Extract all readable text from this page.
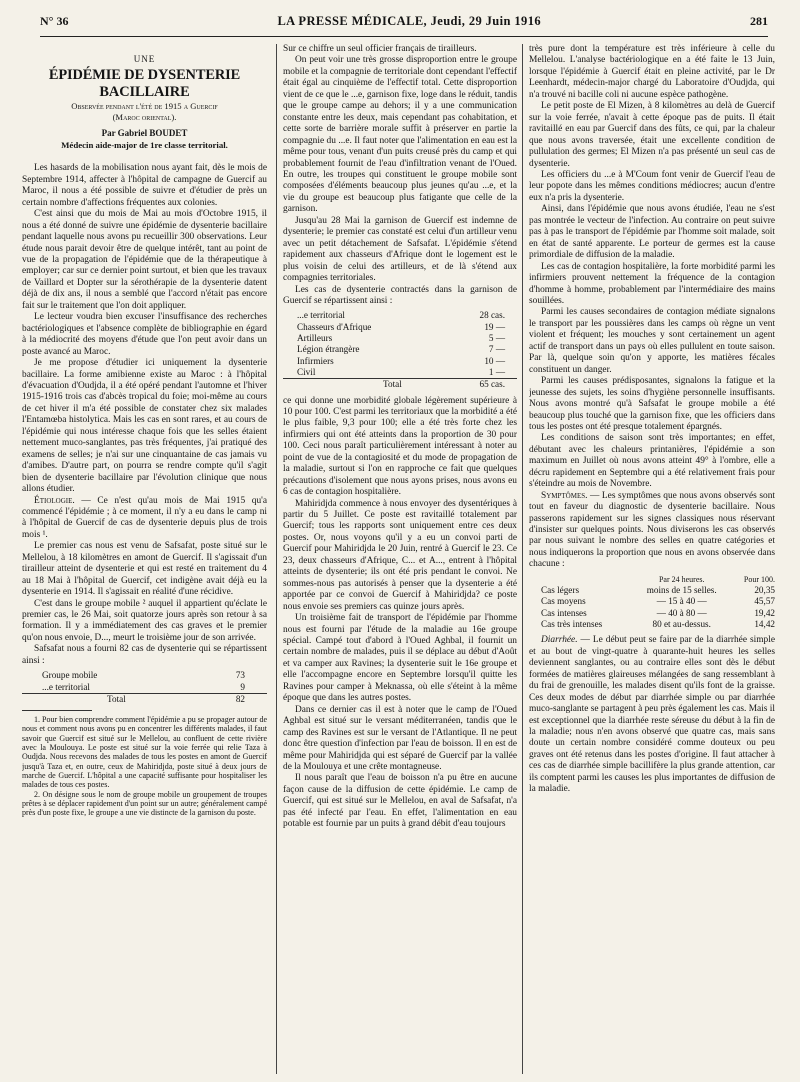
N° 36	LA PRESSE MÉDICALE, Jeudi, 29 Juin 1916	281

UNE

ÉPIDÉMIE DE DYSENTERIE BACILLAIRE

Observée pendant l'été de 1915 a Guercif

(Maroc oriental).

Par Gabriel BOUDET

Médecin aide-major de 1re classe territorial.

Les hasards de la mobilisation nous ayant fait, dès le mois de Septembre 1914, affecter à l'hôpital de campagne de Guercif au Maroc, il nous a été possible de suivre et d'étudier de près un certain nombre d'affections fréquentes aux colonies.

C'est ainsi que du mois de Mai au mois d'Octobre 1915, il nous a été donné de suivre une épidémie de dysenterie bacillaire pendant laquelle nous avons pu recueillir 300 observations. Leur étude nous parait devoir être de quelque intérêt, tant au point de vue de la propagation de l'épidémie que de la thérapeutique à employer; car sur ce dernier point surtout, et bien que les travaux de Vaillard et Dopter sur la sérothérapie de la dysenterie datent déjà de dix ans, il nous a semblé que l'accord n'était pas encore fait sur le traitement que l'on doit appliquer.

Le lecteur voudra bien excuser l'insuffisance des recherches bactériologiques et l'absence complète de bibliographie en égard à la médiocrité des moyens d'étude que l'on peut avoir dans un poste avancé au Maroc.

Je me propose d'étudier ici uniquement la dysenterie bacillaire. La forme amibienne existe au Maroc : à l'hôpital d'évacuation d'Oudjda, il a été opéré pendant l'automne et l'hiver 1915-1916 trois cas d'abcès tropical du foie; moi-même au cours de cet hiver il m'a été possible de constater chez six malades l'Entamœba histolytica. Mais les cas en sont rares, et au cours de l'épidémie qui nous intéresse chaque fois que les selles étaient nettement muco-sanglantes, pas très fréquentes, j'ai pratiqué des examens de selles; je n'ai sur une cinquantaine de cas jamais vu d'amibes. D'autre part, on pourra se rendre compte qu'il s'agit bien de dysenterie bacillaire par l'évolution clinique que nous allons étudier.

Étiologie. — Ce n'est qu'au mois de Mai 1915 qu'a commencé l'épidémie ; à ce moment, il n'y a eu dans le camp ni à l'hôpital de Guercif de cas de dysenterie depuis plus de trois mois ¹.

Le premier cas nous est venu de Safsafat, poste situé sur le Mellelou, à 18 kilomètres en amont de Guercif. Il s'agissait d'un tirailleur atteint de dysenterie et qui est resté en traitement du 4 au 18 Mai à l'hôpital de Guercif, cet indigène avait déjà eu la dysenterie en 1914. Il s'agissait en réalité d'une récidive.

C'est dans le groupe mobile ² auquel il appartient qu'éclate le premier cas, le 26 Mai, soit quatorze jours après son retour à sa formation. Il y a immédiatement des cas graves et le premier qu'on nous envoie, D..., meurt le troisième jour de son arrivée.

Safsafat nous a fourni 82 cas de dysenterie qui se répartissent ainsi :

Groupe mobile	73
...e territorial	9
Total	82

1. Pour bien comprendre comment l'épidémie a pu se propager autour de nous et comment nous avons pu en concentrer les différents malades, il faut savoir que Guercif est situé sur le Mellelou, au confluent de cette rivière avec la Moulouya. Le poste est situé sur la voie ferrée qui relie Taza à Oudjda. Nous recevons des malades de tous les postes en amont de Guercif jusqu'à Taza et, en outre, ceux de Mahiridjda, poste situé à deux jours de marche de Guercif. L'hôpital a une capacité suffisante pour hospitaliser les malades de tous ces postes.

2. On désigne sous le nom de groupe mobile un groupement de troupes prêtes à se déplacer rapidement d'un point sur un autre; généralement campé près d'un poste fixe, le groupe a une vie distincte de la garnison du poste.

Sur ce chiffre un seul officier français de tirailleurs.

On peut voir une très grosse disproportion entre le groupe mobile et la compagnie de territoriale dont cependant l'effectif était égal au cinquième de l'effectif total. Cette disproportion vient de ce que le ...e, garnison fixe, loge dans le réduit, tandis que le groupe campe au dehors; il y a une communication constante entre les deux, mais cependant pas cohabitation, et cette sorte de barrière morale suffit à préserver en partie la compagnie du ...e. Il faut noter que l'alimentation en eau est la même pour tous, venant d'un puits creusé près du camp et qui probablement fournit de l'eau d'infiltration venant de l'Oued. En outre, les troupes qui constituent le groupe mobile sont composées d'éléments beaucoup plus jeunes qu'au ...e, et la vie du groupe est beaucoup plus fatigante que celle de la garnison.

Jusqu'au 28 Mai la garnison de Guercif est indemne de dysenterie; le premier cas constaté est celui d'un artilleur venu avec un petit détachement de Safsafat. L'épidémie s'étend rapidement aux chasseurs d'Afrique dont le logement est le plus voisin de celui des artilleurs, et de là s'étend aux compagnies territoriales.

Les cas de dysenterie contractés dans la garnison de Guercif se répartissent ainsi :

...e territorial	28 cas.
Chasseurs d'Afrique	19 —
Artilleurs	5 —
Légion étrangère	7 —
Infirmiers	10 —
Civil	1 —
Total	65 cas.

ce qui donne une morbidité globale légèrement supérieure à 10 pour 100. C'est parmi les territoriaux que la morbidité a été le plus faible, 9,3 pour 100; elle a été très forte chez les infirmiers qui ont été atteints dans la proportion de 30 pour 100. Ceci nous paraît particulièrement intéressant à noter au point de vue de la contagiosité et du mode de propagation de la maladie, surtout si l'on en rapproche ce fait que quelques précautions d'isolement que nous ayons prises, nous avons eu 6 cas de contagion hospitalière.

Mahiridjda commence à nous envoyer des dysentériques à partir du 5 Juillet. Ce poste est ravitaillé totalement par Guercif; tous les rapports sont uniquement entre ces deux postes. Or, nous voyons qu'il y a eu un convoi parti de Guercif pour Mahiridjda le 20 Juin, rentré à Guercif le 23. Ce 23, deux chasseurs d'Afrique, C... et A..., entrent à l'hôpital atteints de dysenterie; ils ont été pris pendant le convoi. Ne sommes-nous pas autorisés à penser que la dysenterie a été apportée par ce convoi de Guercif à Mahiridjda? ce poste nous envoie ses premiers cas quinze jours après.

Un troisième fait de transport de l'épidémie par l'homme nous est fourni par l'étude de la maladie au 16e groupe spécial. Campé tout d'abord à l'Oued Aghbal, il fournit un certain nombre de malades, puis il se déplace au début d'Août et va camper aux Ravines; la dysenterie suit le 16e groupe et elle l'accompagne encore en Septembre lorsqu'il quitte les Ravines pour camper à Meknassa, où elle s'éteint à la même époque que dans les autres postes.

Dans ce dernier cas il est à noter que le camp de l'Oued Aghbal est situé sur le versant méditerranéen, tandis que le camp des Ravines est sur le versant de l'Atlantique. Il ne peut donc être question d'infection par l'eau de boisson. Il en est de même pour Mahiridjda qui est séparé de Guercif par la vallée de la Moulouya et une crête montagneuse.

Il nous paraît que l'eau de boisson n'a pu être en aucune façon cause de la diffusion de cette épidémie. Le camp de Guercif, qui est situé sur le Mellelou, en aval de Safsafat, n'a pas été infecté par l'eau. En effet, l'alimentation en eau potable est fournie par un puits à grand débit d'eau toujours

très pure dont la température est très inférieure à celle du Mellelou. L'analyse bactériologique en a été faite le 13 Juin, lorsque l'épidémie à Guercif était en pleine activité, par le Dr Leenhardt, médecin-major chargé du Laboratoire d'Oudjda, qui n'a trouvé ni bacille coli ni aucune espèce pathogène.

Le petit poste de El Mizen, à 8 kilomètres au delà de Guercif sur la voie ferrée, n'avait à cette époque pas de puits. Il était ravitaillé en eau par Guercif dans des fûts, ce qui, par la chaleur que nous avons traversée, était une excellente condition de pullulation des germes; El Mizen n'a pas présenté un seul cas de dysenterie.

Les officiers du ...e à M'Coum font venir de Guercif l'eau de leur popote dans les mêmes conditions médiocres; aucun d'entre eux n'a pris la dysenterie.

Ainsi, dans l'épidémie que nous avons étudiée, l'eau ne s'est pas montrée le vecteur de l'infection. Au contraire on peut suivre pas à pas le transport de l'épidémie par l'homme soit malade, soit en état de santé apparente. Le porteur de germes est la cause primordiale de diffusion de la maladie.

Les cas de contagion hospitalière, la forte morbidité parmi les infirmiers prouvent nettement la fréquence de la contagion d'homme à homme, probablement par l'intermédiaire des mains souillées.

Parmi les causes secondaires de contagion médiate signalons le transport par les poussières dans les camps où règne un vent violent et fréquent; les mouches y sont certainement un agent actif de transport dans un pays où elles pullulent en toute saison. Par là, quelque soin qu'on y apporte, les matières fécales constituent un danger.

Parmi les causes prédisposantes, signalons la fatigue et la jeunesse des sujets, les soins d'hygiène personnelle insuffisants. Nous avons montré qu'à Safsafat le groupe mobile a été beaucoup plus touché que la garnison fixe, que les officiers dans tous les postes ont été presque totalement épargnés.

Les conditions de saison sont très importantes; en effet, débutant avec les chaleurs printanières, l'épidémie a son maximum en Juillet où nous avons atteint 49° à l'ombre, elle a décru rapidement en Septembre qui a été relativement frais pour s'éteindre au mois de Novembre.

Symptômes. — Les symptômes que nous avons observés sont tout en faveur du diagnostic de dysenterie bacillaire. Nous passerons rapidement sur les signes classiques nous réservant d'insister sur quelques points. Nous diviserons les cas observés par nous suivant le nombre des selles en quatre catégories et nous indiquerons la proportion que nous en avons observée dans chacune :

	Par 24 heures.	Pour 100.
Cas légers	moins de 15 selles.	20,35
Cas moyens	— 15 à 40 —	45,57
Cas intenses	— 40 à 80 —	19,42
Cas très intenses	80 et au-dessus.	14,42

Diarrhée. — Le début peut se faire par de la diarrhée simple et au bout de vingt-quatre à quarante-huit heures les selles deviennent sanglantes, ou au contraire elles sont dès le début formées de matières glaireuses mélangées de sang ressemblant à du frai de grenouille, les malades disent qu'ils font de la graisse. Ces deux modes de début par diarrhée simple ou par diarrhée muco-sanglante se partagent à peu près également les cas. Mais il est exceptionnel que la diarrhée reste séreuse du début à la fin de la maladie; nous n'en avons observé que quatre cas, mais sans doute un certain nombre considéré comme douteux ou peu graves ont été retenus dans les postes d'origine. Il faut attacher à ces cas de diarrhée simple bacillifère la plus grande attention, car ils comptent parmi les causes les plus importantes de diffusion de la maladie.
